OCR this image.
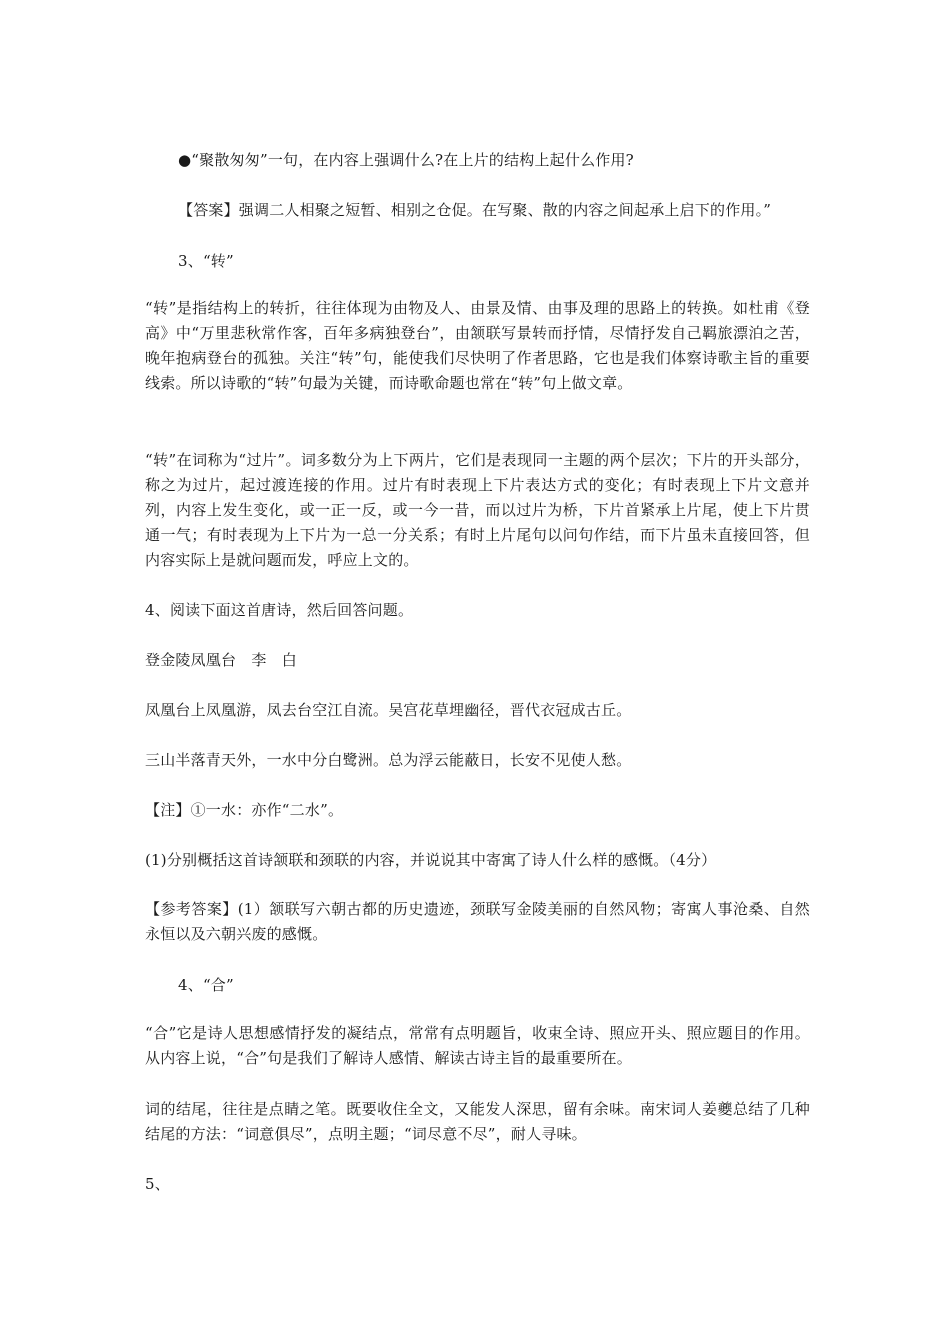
●“聚散匆匆”一句，在内容上强调什么?在上片的结构上起什么作用?

【答案】强调二人相聚之短暂、相别之仓促。在写聚、散的内容之间起承上启下的作用。”

3、“转”

“转”是指结构上的转折，往往体现为由物及人、由景及情、由事及理的思路上的转换。如杜甫《登高》中“万里悲秋常作客，百年多病独登台”，由颔联写景转而抒情，尽情抒发自己羁旅漂泊之苦，晚年抱病登台的孤独。关注“转”句，能使我们尽快明了作者思路，它也是我们体察诗歌主旨的重要线索。所以诗歌的“转”句最为关键，而诗歌命题也常在“转”句上做文章。

“转”在词称为“过片”。词多数分为上下两片，它们是表现同一主题的两个层次；下片的开头部分，称之为过片，起过渡连接的作用。过片有时表现上下片表达方式的变化；有时表现上下片文意并列，内容上发生变化，或一正一反，或一今一昔，而以过片为桥，下片首紧承上片尾，使上下片贯通一气；有时表现为上下片为一总一分关系；有时上片尾句以问句作结，而下片虽未直接回答，但内容实际上是就问题而发，呼应上文的。

4、阅读下面这首唐诗，然后回答问题。

登金陵凤凰台　李　白

凤凰台上凤凰游，凤去台空江自流。吴宫花草埋幽径，晋代衣冠成古丘。

三山半落青天外，一水中分白鹭洲。总为浮云能蔽日，长安不见使人愁。

【注】①一水：亦作“二水”。

(1)分别概括这首诗颔联和颈联的内容，并说说其中寄寓了诗人什么样的感慨。（4分）

【参考答案】(1）颔联写六朝古都的历史遗迹，颈联写金陵美丽的自然风物；寄寓人事沧桑、自然永恒以及六朝兴废的感慨。

4、“合”

“合”它是诗人思想感情抒发的凝结点，常常有点明题旨，收束全诗、照应开头、照应题目的作用。从内容上说，“合”句是我们了解诗人感情、解读古诗主旨的最重要所在。

词的结尾，往往是点睛之笔。既要收住全文，又能发人深思，留有余味。南宋词人姜夔总结了几种结尾的方法：“词意俱尽”，点明主题；“词尽意不尽”，耐人寻味。

5、
